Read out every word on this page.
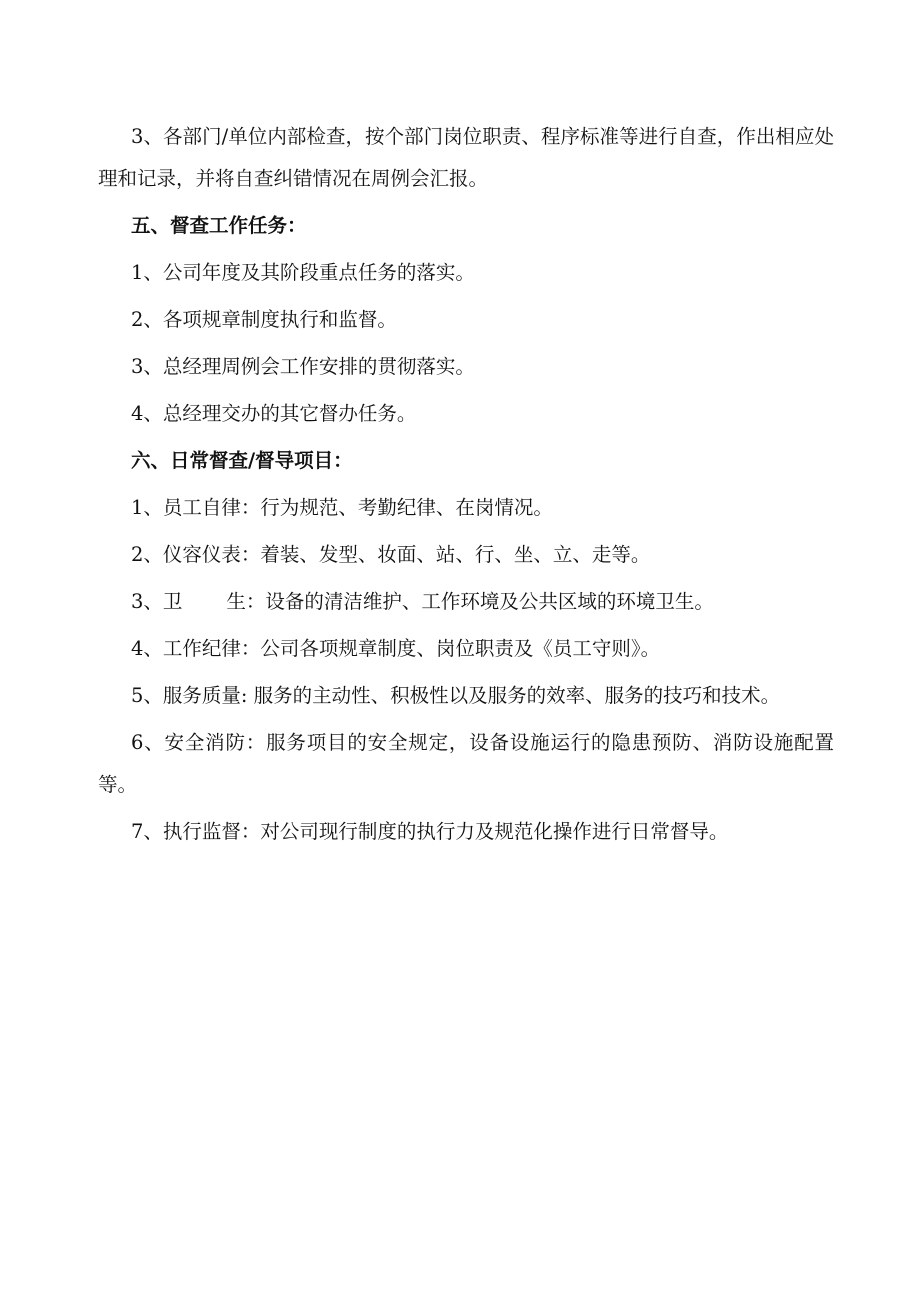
3、各部门/单位内部检查，按个部门岗位职责、程序标准等进行自查，作出相应处理和记录，并将自查纠错情况在周例会汇报。

五、督查工作任务：

1、公司年度及其阶段重点任务的落实。

2、各项规章制度执行和监督。

3、总经理周例会工作安排的贯彻落实。

4、总经理交办的其它督办任务。

六、日常督查/督导项目：

1、员工自律：行为规范、考勤纪律、在岗情况。

2、仪容仪表：着装、发型、妆面、站、行、坐、立、走等。

3、卫 生：设备的清洁维护、工作环境及公共区域的环境卫生。

4、工作纪律：公司各项规章制度、岗位职责及《员工守则》。

5、服务质量: 服务的主动性、积极性以及服务的效率、服务的技巧和技术。

6、安全消防：服务项目的安全规定，设备设施运行的隐患预防、消防设施配置等。

7、执行监督：对公司现行制度的执行力及规范化操作进行日常督导。
